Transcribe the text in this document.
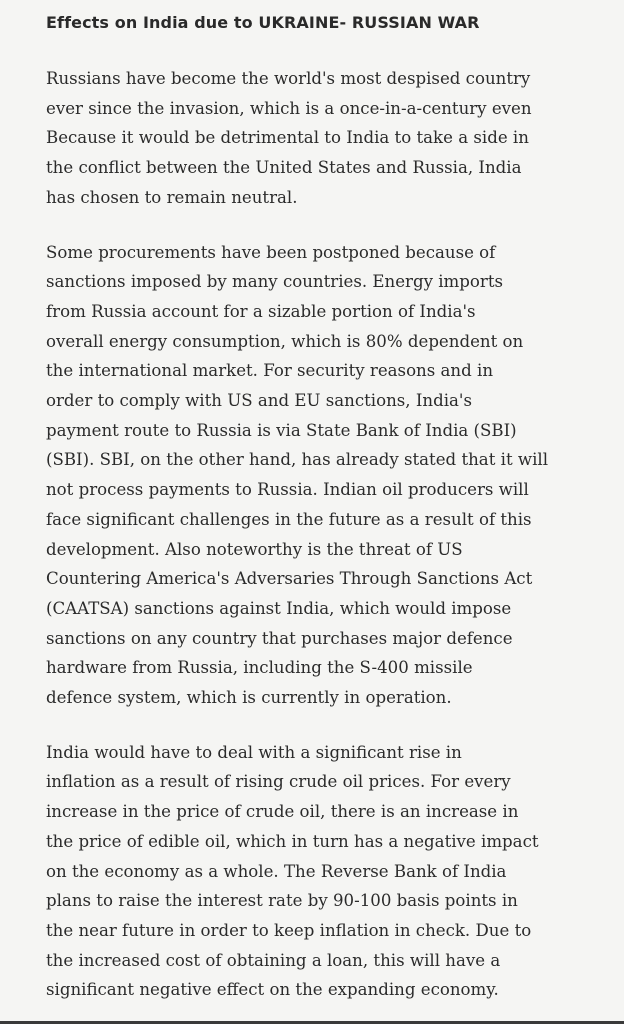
Effects on India due to UKRAINE- RUSSIAN WAR

Russians have become the world's most despised country
ever since the invasion, which is a once-in-a-century even
Because it would be detrimental to India to take a side in
the conflict between the United States and Russia, India
has chosen to remain neutral.

Some procurements have been postponed because of
sanctions imposed by many countries. Energy imports
from Russia account for a sizable portion of India's
overall energy consumption, which is 80% dependent on
the international market. For security reasons and in
order to comply with US and EU sanctions, India's
payment route to Russia is via State Bank of India (SBI)
(SBI). SBI, on the other hand, has already stated that it will
not process payments to Russia. Indian oil producers will
face significant challenges in the future as a result of this
development. Also noteworthy is the threat of US
Countering America's Adversaries Through Sanctions Act
(CAATSA) sanctions against India, which would impose
sanctions on any country that purchases major defence
hardware from Russia, including the S-400 missile
defence system, which is currently in operation.

India would have to deal with a significant rise in
inflation as a result of rising crude oil prices. For every
increase in the price of crude oil, there is an increase in
the price of edible oil, which in turn has a negative impact
on the economy as a whole. The Reverse Bank of India
plans to raise the interest rate by 90-100 basis points in
the near future in order to keep inflation in check. Due to
the increased cost of obtaining a loan, this will have a
significant negative effect on the expanding economy.
